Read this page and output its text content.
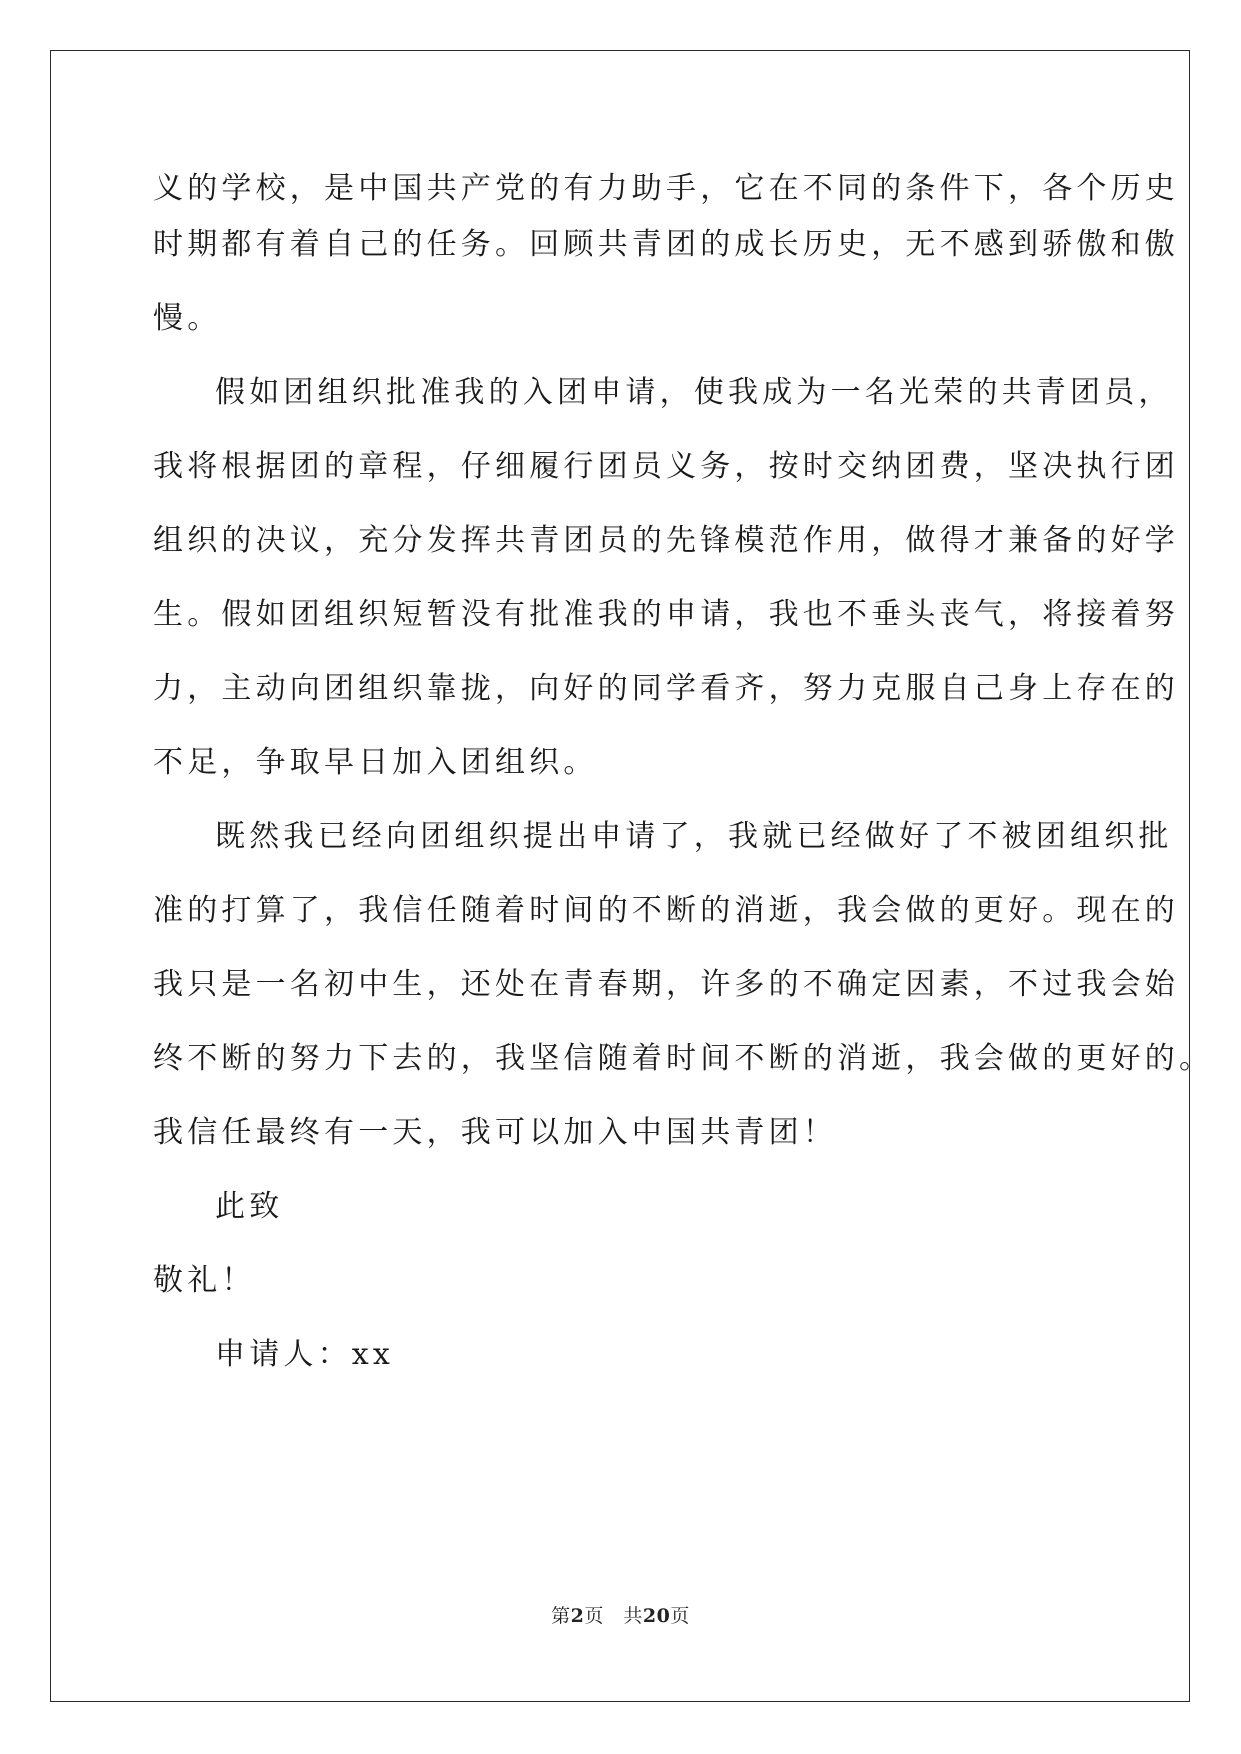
义的学校，是中国共产党的有力助手，它在不同的条件下，各个历史
时期都有着自己的任务。回顾共青团的成长历史，无不感到骄傲和傲
慢。
假如团组织批准我的入团申请，使我成为一名光荣的共青团员，
我将根据团的章程，仔细履行团员义务，按时交纳团费，坚决执行团
组织的决议，充分发挥共青团员的先锋模范作用，做得才兼备的好学
生。假如团组织短暂没有批准我的申请，我也不垂头丧气，将接着努
力，主动向团组织靠拢，向好的同学看齐，努力克服自己身上存在的
不足，争取早日加入团组织。
既然我已经向团组织提出申请了，我就已经做好了不被团组织批
准的打算了，我信任随着时间的不断的消逝，我会做的更好。现在的
我只是一名初中生，还处在青春期，许多的不确定因素，不过我会始
终不断的努力下去的，我坚信随着时间不断的消逝，我会做的更好的。
我信任最终有一天，我可以加入中国共青团！
此致
敬礼！
申请人：xx
第2页　共20页
